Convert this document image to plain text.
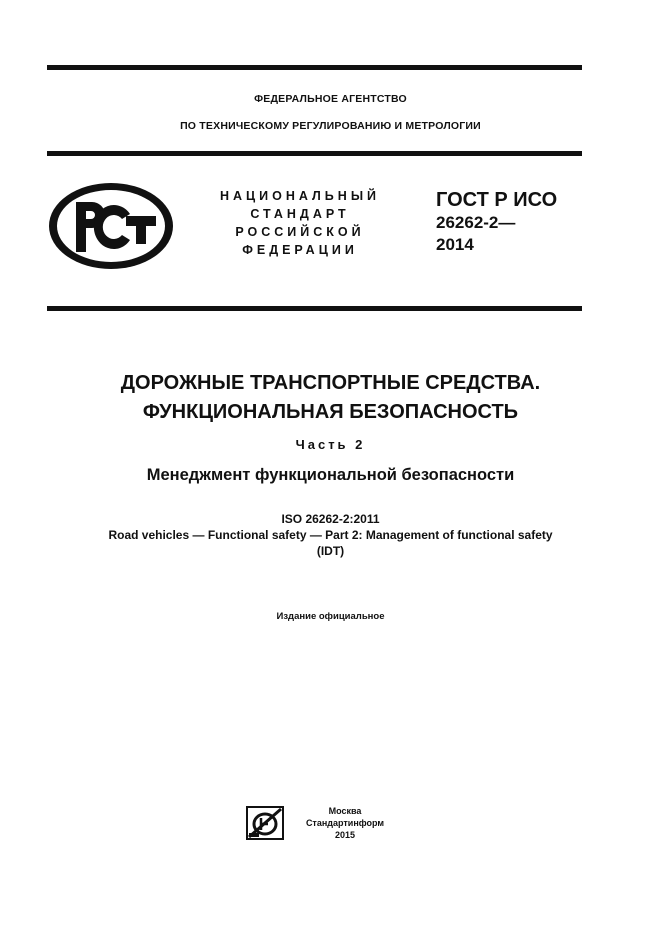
ФЕДЕРАЛЬНОЕ АГЕНТСТВО
ПО ТЕХНИЧЕСКОМУ РЕГУЛИРОВАНИЮ И МЕТРОЛОГИИ
НАЦИОНАЛЬНЫЙ
СТАНДАРТ
РОССИЙСКОЙ
ФЕДЕРАЦИИ
ГОСТ Р ИСО
26262-2—
2014
ДОРОЖНЫЕ ТРАНСПОРТНЫЕ СРЕДСТВА.
ФУНКЦИОНАЛЬНАЯ БЕЗОПАСНОСТЬ
Часть 2
Менеджмент функциональной безопасности
ISO 26262-2:2011
Road vehicles — Functional safety — Part 2: Management of functional safety
(IDT)
Издание официальное
Москва
Стандартинформ
2015
